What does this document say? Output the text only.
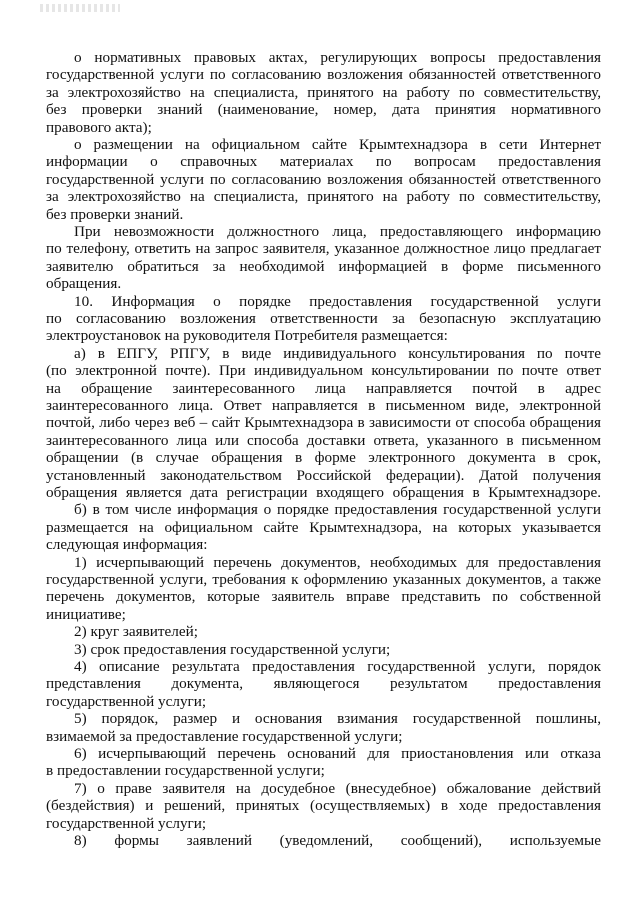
о нормативных правовых актах, регулирующих вопросы предоставления
государственной услуги по согласованию возложения обязанностей ответственного
за электрохозяйство на специалиста, принятого на работу по совместительству,
без проверки знаний (наименование, номер, дата принятия нормативного
правового акта);
о размещении на официальном сайте Крымтехнадзора в сети Интернет
информации о справочных материалах по вопросам предоставления
государственной услуги по согласованию возложения обязанностей ответственного
за электрохозяйство на специалиста, принятого на работу по совместительству,
без проверки знаний.
При невозможности должностного лица, предоставляющего информацию
по телефону, ответить на запрос заявителя, указанное должностное лицо предлагает
заявителю обратиться за необходимой информацией в форме письменного
обращения.
10. Информация о порядке предоставления государственной услуги
по согласованию возложения ответственности за безопасную эксплуатацию
электроустановок на руководителя Потребителя размещается:
а) в ЕПГУ, РПГУ, в виде индивидуального консультирования по почте
(по электронной почте). При индивидуальном консультировании по почте ответ
на обращение заинтересованного лица направляется почтой в адрес
заинтересованного лица. Ответ направляется в письменном виде, электронной
почтой, либо через веб – сайт Крымтехнадзора в зависимости от способа обращения
заинтересованного лица или способа доставки ответа, указанного в письменном
обращении (в случае обращения в форме электронного документа в срок,
установленный законодательством Российской федерации). Датой получения
обращения является дата регистрации входящего обращения в Крымтехнадзоре.
б) в том числе информация о порядке предоставления государственной услуги
размещается на официальном сайте Крымтехнадзора, на которых указывается
следующая информация:
1) исчерпывающий перечень документов, необходимых для предоставления
государственной услуги, требования к оформлению указанных документов, а также
перечень документов, которые заявитель вправе представить по собственной
инициативе;
2) круг заявителей;
3) срок предоставления государственной услуги;
4) описание результата предоставления государственной услуги, порядок
представления документа, являющегося результатом предоставления
государственной услуги;
5) порядок, размер и основания взимания государственной пошлины,
взимаемой за предоставление государственной услуги;
6) исчерпывающий перечень оснований для приостановления или отказа
в предоставлении государственной услуги;
7) о праве заявителя на досудебное (внесудебное) обжалование действий
(бездействия) и решений, принятых (осуществляемых) в ходе предоставления
государственной услуги;
8) формы заявлений (уведомлений, сообщений), используемые
